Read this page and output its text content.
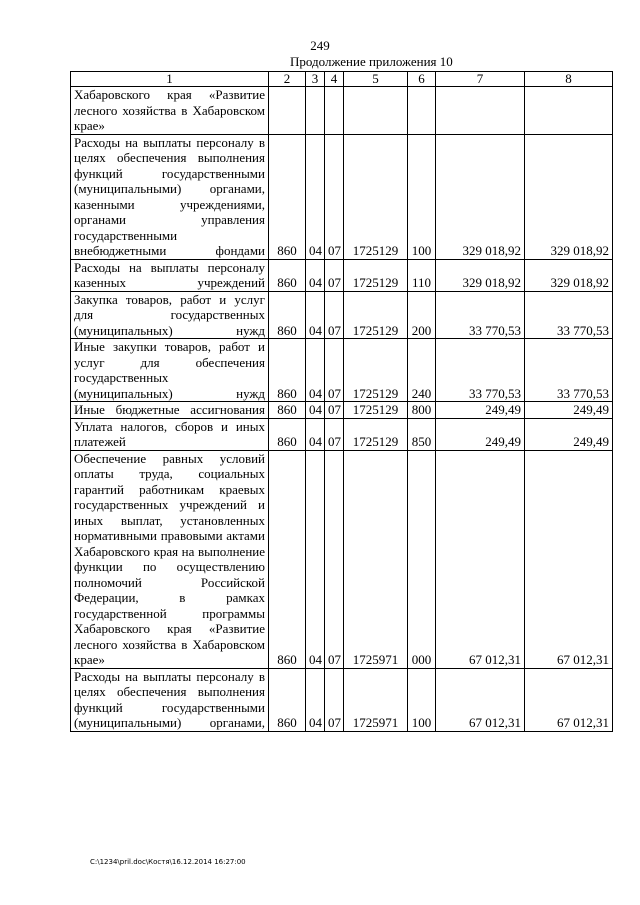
249
Продолжение приложения 10
1	2	3	4	5	6	7	8
Хабаровского края «Развитие лесного хозяйства в Хабаровском крае»							
Расходы на выплаты персоналу в целях обеспечения выполнения функций государственными (муниципальными) органами, казенными учреждениями, органами управления государственными внебюджетными фондами	860	04	07	1725129	100	329 018,92	329 018,92
Расходы на выплаты персоналу казенных учреждений	860	04	07	1725129	110	329 018,92	329 018,92
Закупка товаров, работ и услуг для государственных (муниципальных) нужд	860	04	07	1725129	200	33 770,53	33 770,53
Иные закупки товаров, работ и услуг для обеспечения государственных (муниципальных) нужд	860	04	07	1725129	240	33 770,53	33 770,53
Иные бюджетные ассигнования	860	04	07	1725129	800	249,49	249,49
Уплата налогов, сборов и иных платежей	860	04	07	1725129	850	249,49	249,49
Обеспечение равных условий оплаты труда, социальных гарантий работникам краевых государственных учреждений и иных выплат, установленных нормативными правовыми актами Хабаровского края на выполнение функции по осуществлению полномочий Российской Федерации, в рамках государственной программы Хабаровского края «Развитие лесного хозяйства в Хабаровском крае»	860	04	07	1725971	000	67 012,31	67 012,31
Расходы на выплаты персоналу в целях обеспечения выполнения функций государственными (муниципальными) органами,	860	04	07	1725971	100	67 012,31	67 012,31
C:\1234\pril.doc\Костя\16.12.2014 16:27:00
